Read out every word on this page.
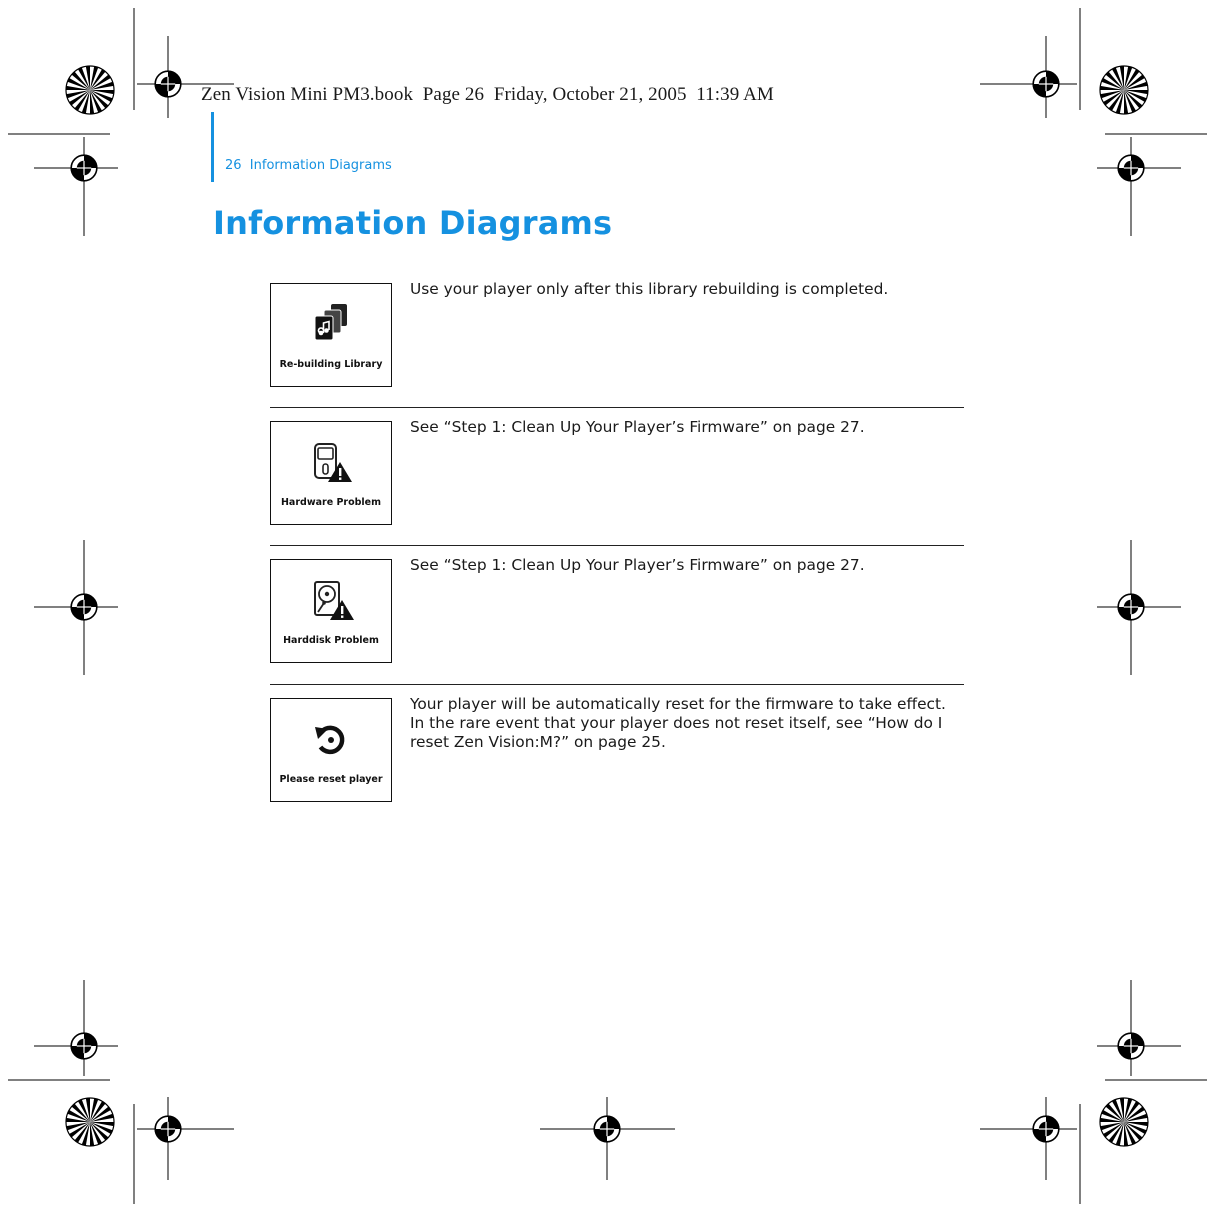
Zen Vision Mini PM3.book  Page 26  Friday, October 21, 2005  11:39 AM
26  Information Diagrams
Information Diagrams
Re-building Library

Use your player only after this library rebuilding is completed.

Hardware Problem

See “Step 1: Clean Up Your Player’s Firmware” on page 27.

Harddisk Problem

See “Step 1: Clean Up Your Player’s Firmware” on page 27.

Please reset player

Your player will be automatically reset for the firmware to take effect. In the rare event that your player does not reset itself, see “How do I reset Zen Vision:M?” on page 25.
